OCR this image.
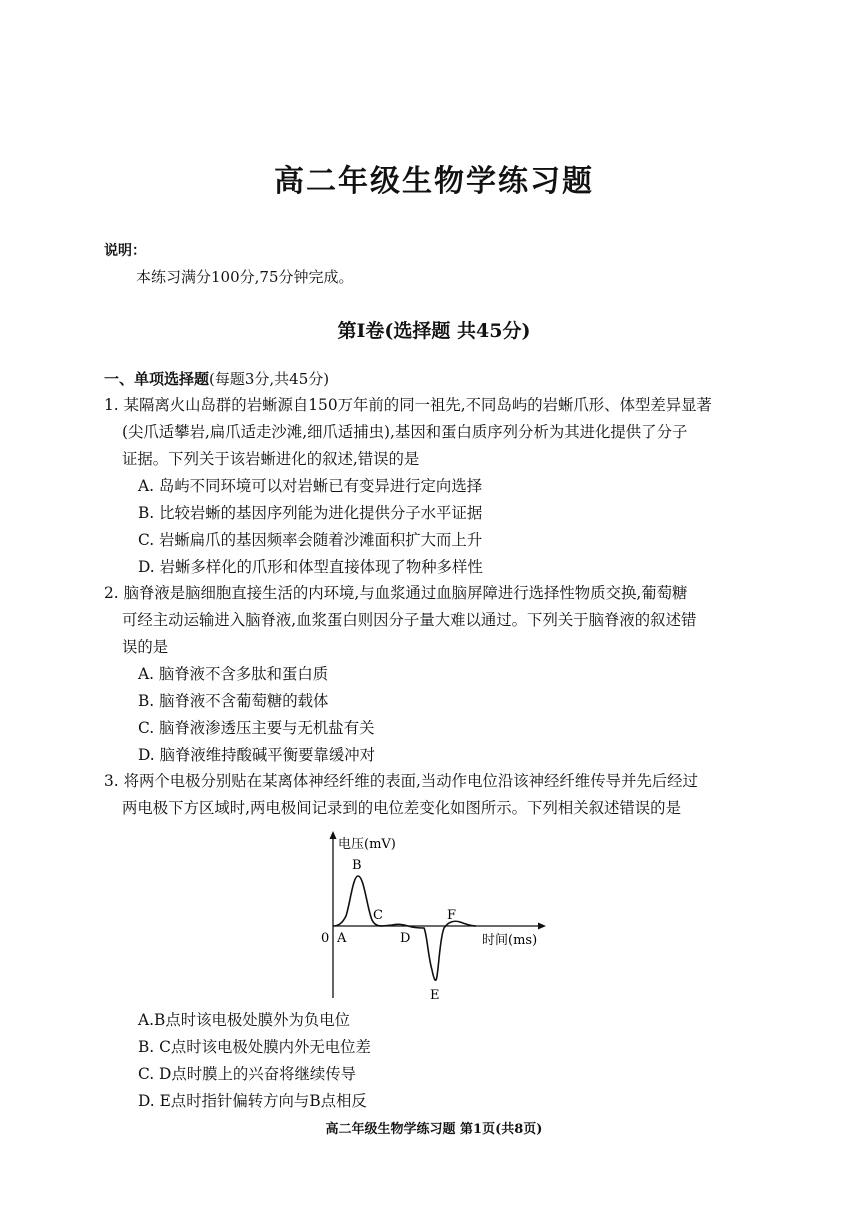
高二年级生物学练习题
说明：
本练习满分100分,75分钟完成。
第Ⅰ卷(选择题 共45分)
一、单项选择题(每题3分,共45分)
1. 某隔离火山岛群的岩蜥源自150万年前的同一祖先,不同岛屿的岩蜥爪形、体型差异显著
(尖爪适攀岩,扁爪适走沙滩,细爪适捕虫),基因和蛋白质序列分析为其进化提供了分子
证据。下列关于该岩蜥进化的叙述,错误的是
A. 岛屿不同环境可以对岩蜥已有变异进行定向选择
B. 比较岩蜥的基因序列能为进化提供分子水平证据
C. 岩蜥扁爪的基因频率会随着沙滩面积扩大而上升
D. 岩蜥多样化的爪形和体型直接体现了物种多样性
2. 脑脊液是脑细胞直接生活的内环境,与血浆通过血脑屏障进行选择性物质交换,葡萄糖
可经主动运输进入脑脊液,血浆蛋白则因分子量大难以通过。下列关于脑脊液的叙述错
误的是
A. 脑脊液不含多肽和蛋白质
B. 脑脊液不含葡萄糖的载体
C. 脑脊液渗透压主要与无机盐有关
D. 脑脊液维持酸碱平衡要靠缓冲对
3. 将两个电极分别贴在某离体神经纤维的表面,当动作电位沿该神经纤维传导并先后经过
两电极下方区域时,两电极间记录到的电位差变化如图所示。下列相关叙述错误的是
电压(mV)
时间(ms)
0 A
B
C
D
E
F
A.B点时该电极处膜外为负电位
B. C点时该电极处膜内外无电位差
C. D点时膜上的兴奋将继续传导
D. E点时指针偏转方向与B点相反
高二年级生物学练习题 第1页(共8页)
